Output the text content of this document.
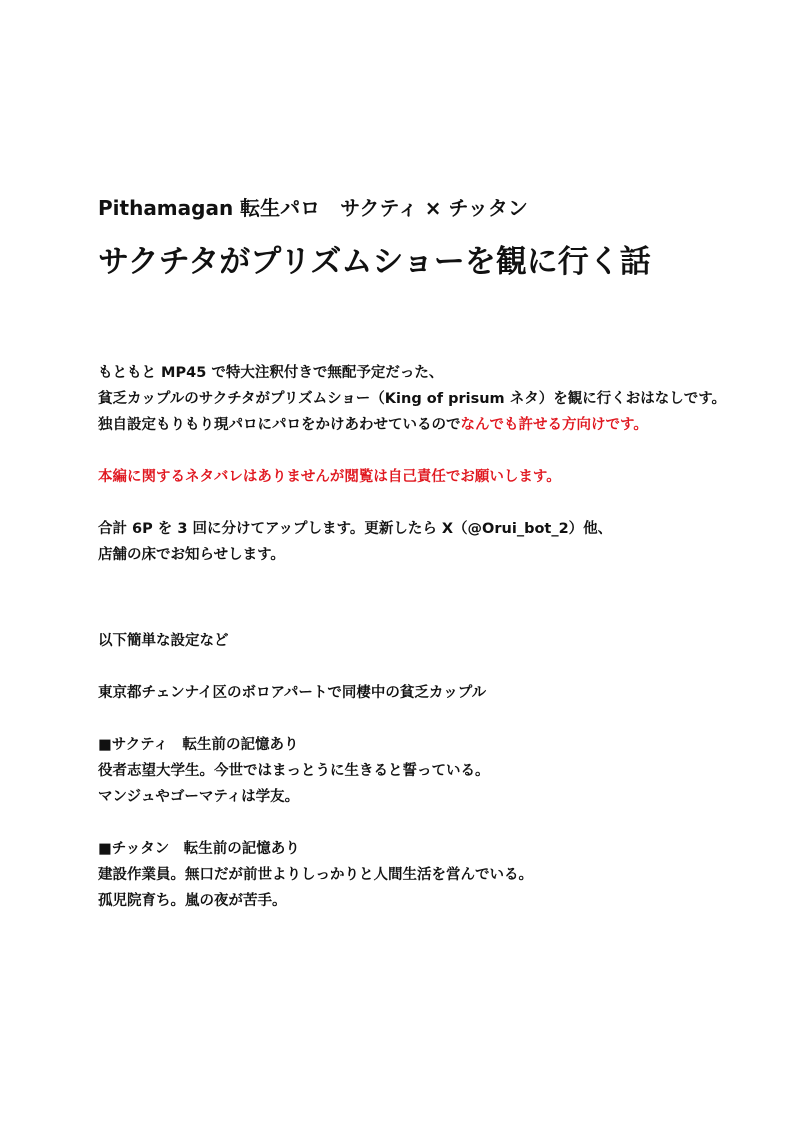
Pithamagan 転生パロ　サクティ × チッタン
サクチタがプリズムショーを観に行く話
もともと MP45 で特大注釈付きで無配予定だった、
貧乏カップルのサクチタがプリズムショー（King of prisum ネタ）を観に行くおはなしです。
独自設定もりもり現パロにパロをかけあわせているのでなんでも許せる方向けです。
本編に関するネタバレはありませんが閲覧は自己責任でお願いします。
合計 6P を 3 回に分けてアップします。更新したら X（@Orui_bot_2）他、
店舗の床でお知らせします。
以下簡単な設定など
東京都チェンナイ区のボロアパートで同棲中の貧乏カップル
■サクティ　転生前の記憶あり
役者志望大学生。今世ではまっとうに生きると誓っている。
マンジュやゴーマティは学友。
■チッタン　転生前の記憶あり
建設作業員。無口だが前世よりしっかりと人間生活を営んでいる。
孤児院育ち。嵐の夜が苦手。
